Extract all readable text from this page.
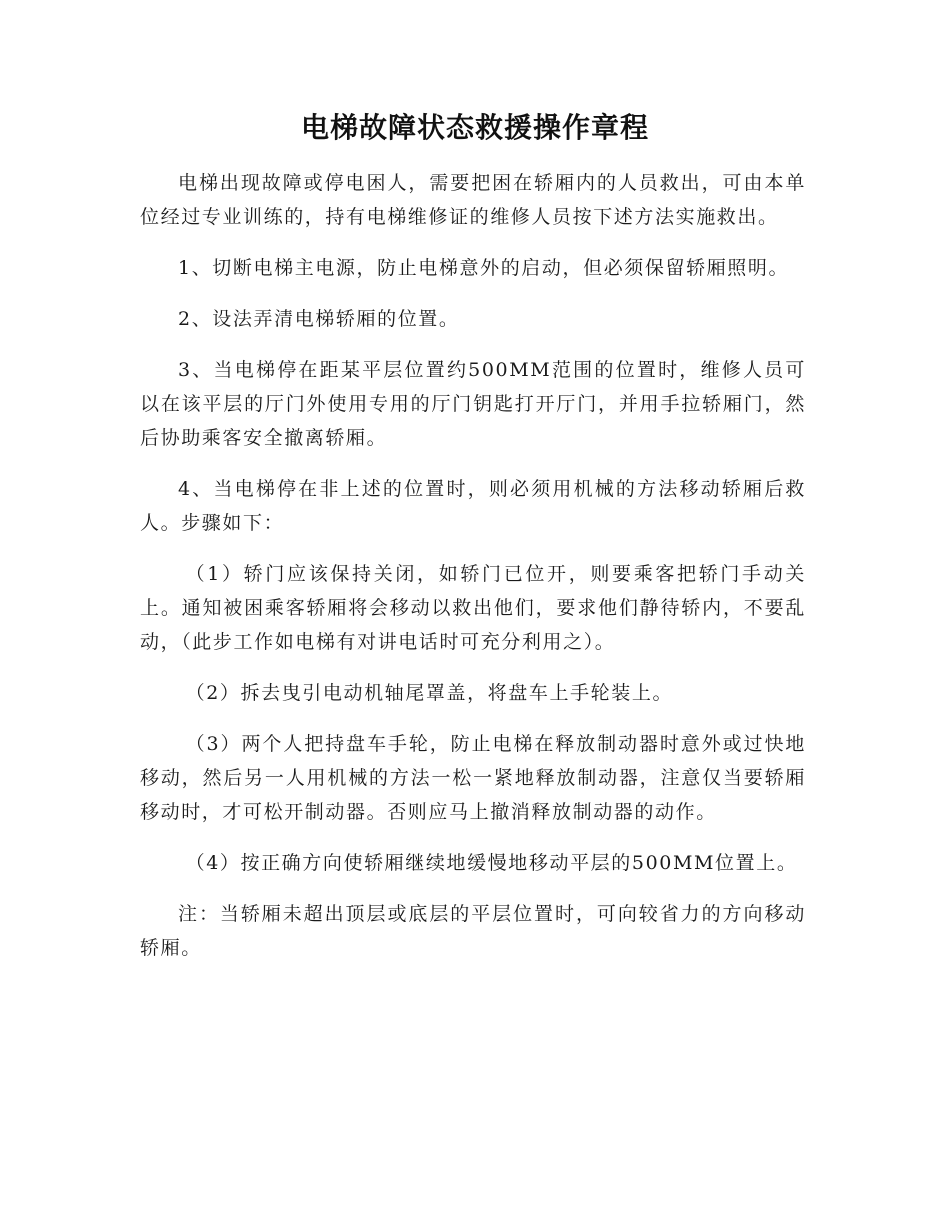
电梯故障状态救援操作章程

电梯出现故障或停电困人，需要把困在轿厢内的人员救出，可由本单位经过专业训练的，持有电梯维修证的维修人员按下述方法实施救出。

1、切断电梯主电源，防止电梯意外的启动，但必须保留轿厢照明。

2、设法弄清电梯轿厢的位置。

3、当电梯停在距某平层位置约500MM范围的位置时，维修人员可以在该平层的厅门外使用专用的厅门钥匙打开厅门，并用手拉轿厢门，然后协助乘客安全撤离轿厢。

4、当电梯停在非上述的位置时，则必须用机械的方法移动轿厢后救人。步骤如下：

（1）轿门应该保持关闭，如轿门已位开，则要乘客把轿门手动关上。通知被困乘客轿厢将会移动以救出他们，要求他们静待轿内，不要乱动，（此步工作如电梯有对讲电话时可充分利用之）。

（2）拆去曳引电动机轴尾罩盖，将盘车上手轮装上。

（3）两个人把持盘车手轮，防止电梯在释放制动器时意外或过快地移动，然后另一人用机械的方法一松一紧地释放制动器，注意仅当要轿厢移动时，才可松开制动器。否则应马上撤消释放制动器的动作。

（4）按正确方向使轿厢继续地缓慢地移动平层的500MM位置上。

注：当轿厢未超出顶层或底层的平层位置时，可向较省力的方向移动轿厢。
